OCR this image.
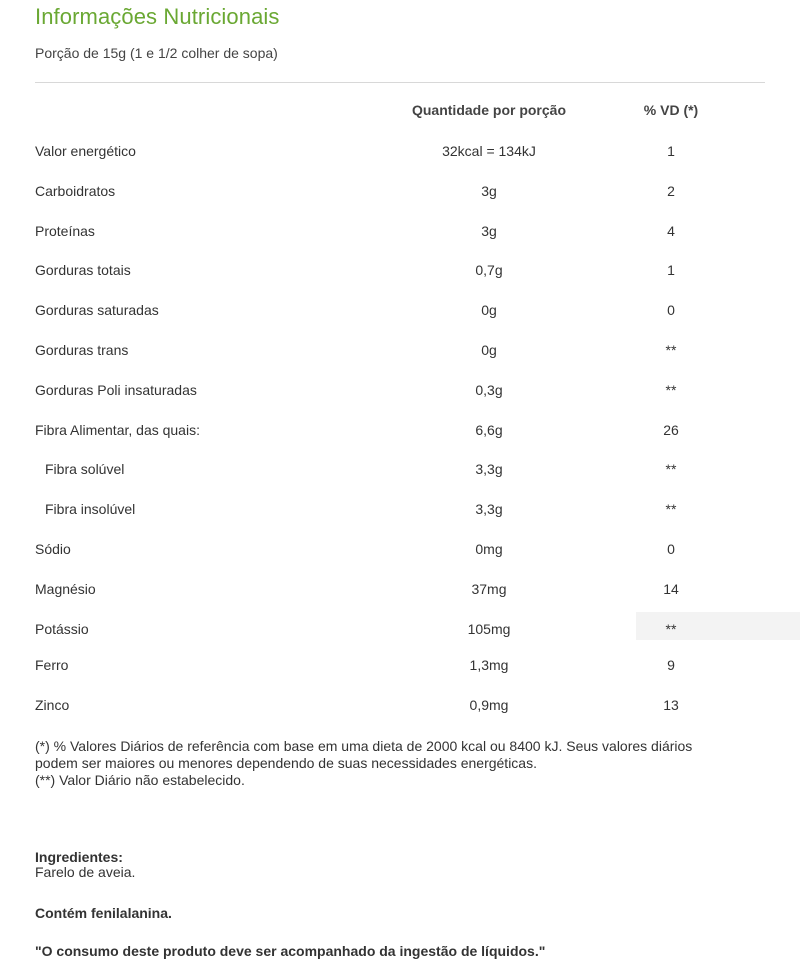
Informações Nutricionais
Porção de 15g (1 e 1/2 colher de sopa)
Quantidade por porção	% VD (*)
Valor energético	32kcal = 134kJ	1
Carboidratos	3g	2
Proteínas	3g	4
Gorduras totais	0,7g	1
Gorduras saturadas	0g	0
Gorduras trans	0g	**
Gorduras Poli insaturadas	0,3g	**
Fibra Alimentar, das quais:	6,6g	26
Fibra solúvel	3,3g	**
Fibra insolúvel	3,3g	**
Sódio	0mg	0
Magnésio	37mg	14
Potássio	105mg	**
Ferro	1,3mg	9
Zinco	0,9mg	13
(*) % Valores Diários de referência com base em uma dieta de 2000 kcal ou 8400 kJ. Seus valores diários
podem ser maiores ou menores dependendo de suas necessidades energéticas.
(**) Valor Diário não estabelecido.
Ingredientes:
Farelo de aveia.
Contém fenilalanina.
"O consumo deste produto deve ser acompanhado da ingestão de líquidos."
